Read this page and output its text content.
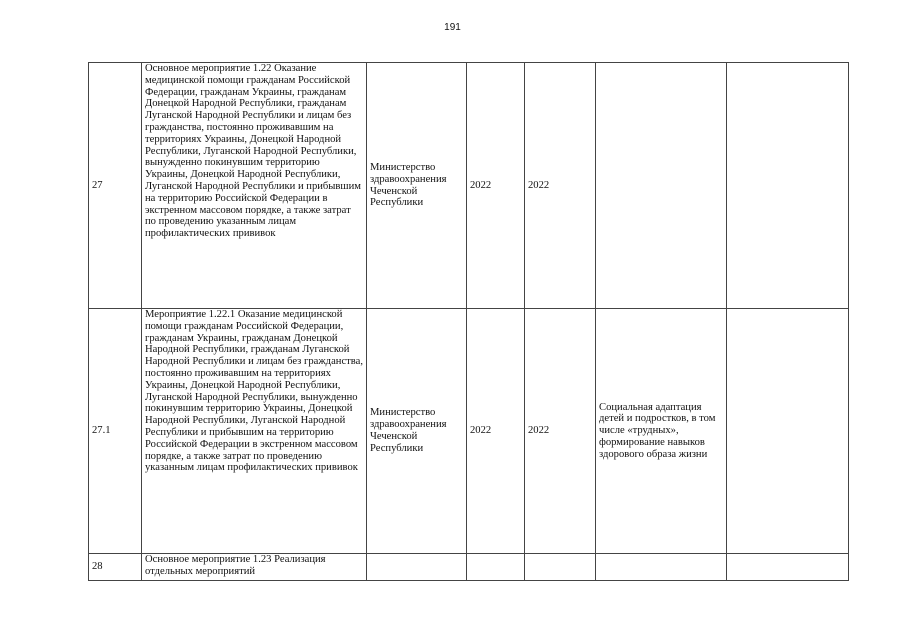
191
27	Основное мероприятие 1.22 Оказание медицинской помощи гражданам Российской Федерации, гражданам Украины, гражданам Донецкой Народной Республики, гражданам Луганской Народной Республики и лицам без гражданства, постоянно проживавшим на территориях Украины, Донецкой Народной Республики, Луганской Народной Республики, вынужденно покинувшим территорию Украины, Донецкой Народной Республики, Луганской Народной Республики и прибывшим на территорию Российской Федерации в экстренном массовом порядке, а также затрат по проведению указанным лицам профилактических прививок	Министерство здравоохранения Чеченской Республики	2022	2022		
27.1	Мероприятие 1.22.1 Оказание медицинской помощи гражданам Российской Федерации, гражданам Украины, гражданам Донецкой Народной Республики, гражданам Луганской Народной Республики и лицам без гражданства, постоянно проживавшим на территориях Украины, Донецкой Народной Республики, Луганской Народной Республики, вынужденно покинувшим территорию Украины, Донецкой Народной Республики, Луганской Народной Республики и прибывшим на территорию Российской Федерации в экстренном массовом порядке, а также затрат по проведению указанным лицам профилактических прививок	Министерство здравоохранения Чеченской Республики	2022	2022	Социальная адаптация детей и подростков, в том числе «трудных», формирование навыков здорового образа жизни	
28	Основное мероприятие 1.23 Реализация отдельных мероприятий					
